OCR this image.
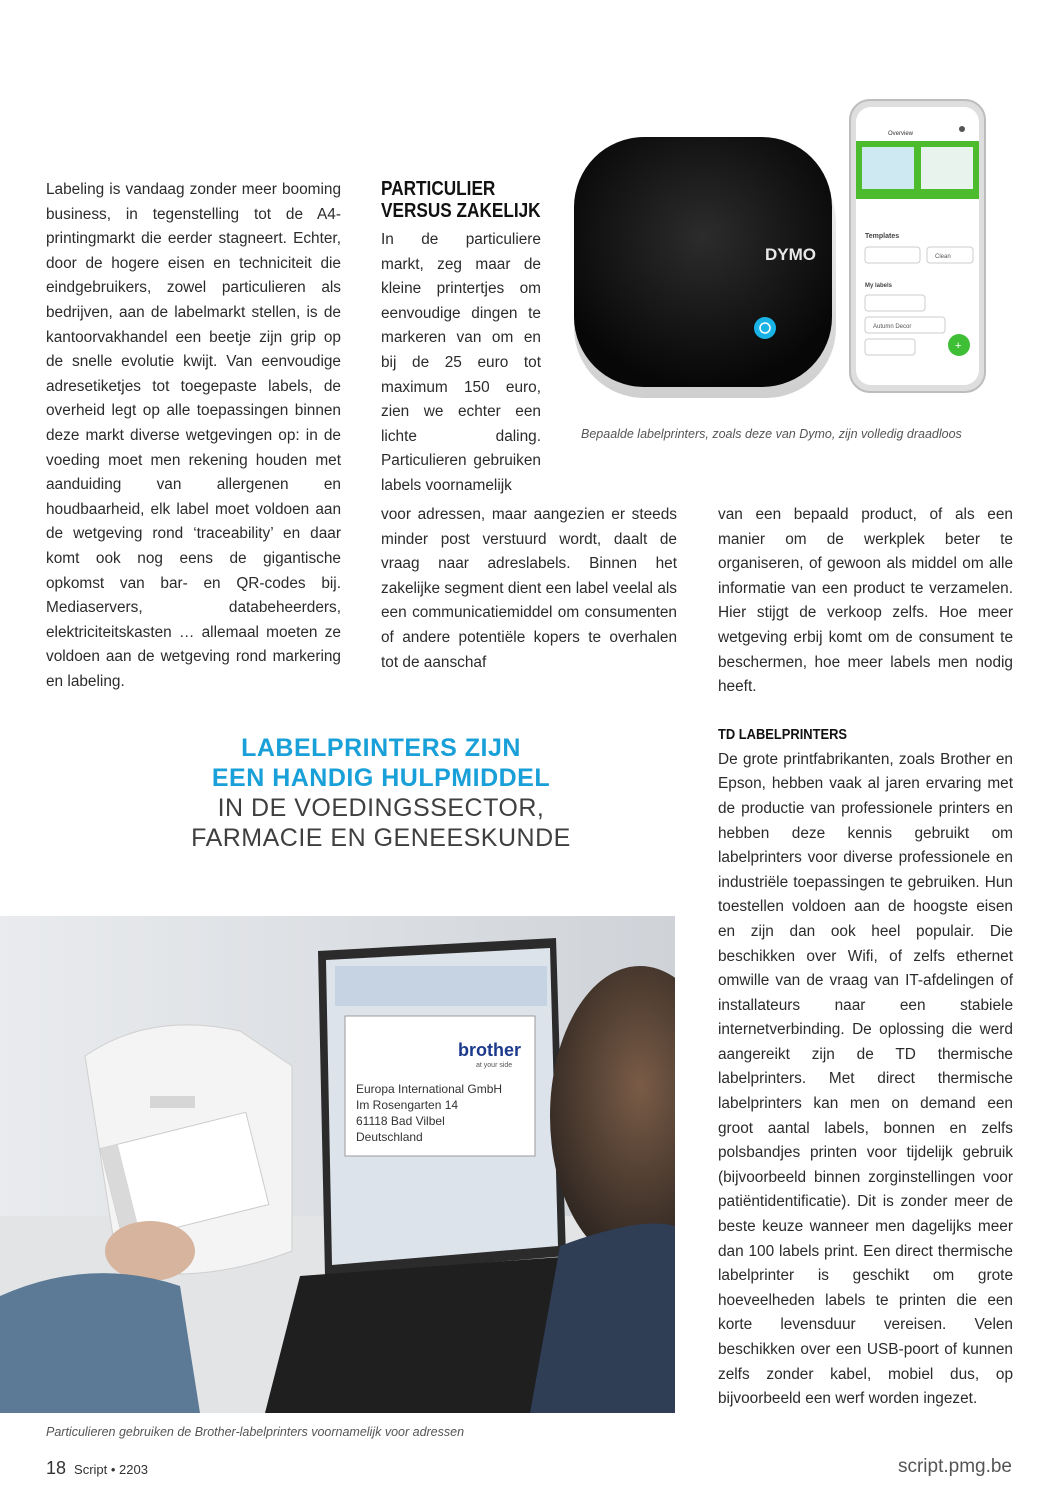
Labeling is vandaag zonder meer booming business, in tegenstelling tot de A4-printingmarkt die eerder stagneert. Echter, door de hogere eisen en techniciteit die eindgebruikers, zowel particulieren als bedrijven, aan de labelmarkt stellen, is de kantoorvakhandel een beetje zijn grip op de snelle evolutie kwijt. Van eenvoudige adresetiketjes tot toegepaste labels, de overheid legt op alle toepassingen binnen deze markt diverse wetgevingen op: in de voeding moet men rekening houden met aanduiding van allergenen en houdbaarheid, elk label moet voldoen aan de wetgeving rond ‘traceability’ en daar komt ook nog eens de gigantische opkomst van bar- en QR-codes bij. Mediaservers, databeheerders, elektriciteitskasten … allemaal moeten ze voldoen aan de wetgeving rond markering en labeling.

PARTICULIER
VERSUS ZAKELIJK

In de particuliere markt, zeg maar de kleine printertjes om eenvoudige dingen te markeren van om en bij de 25 euro tot maximum 150 euro, zien we echter een lichte daling. Particulieren gebruiken labels voornamelijk

voor adressen, maar aangezien er steeds minder post verstuurd wordt, daalt de vraag naar adreslabels. Binnen het zakelijke segment dient een label veelal als een communicatiemiddel om consumenten of andere potentiële kopers te overhalen tot de aanschaf

van een bepaald product, of als een manier om de werkplek beter te organiseren, of gewoon als middel om alle informatie van een product te verzamelen. Hier stijgt de verkoop zelfs. Hoe meer wetgeving erbij komt om de consument te beschermen, hoe meer labels men nodig heeft.

TD LABELPRINTERS

De grote printfabrikanten, zoals Brother en Epson, hebben vaak al jaren ervaring met de productie van professionele printers en hebben deze kennis gebruikt om labelprinters voor diverse professionele en industriële toepassingen te gebruiken. Hun toestellen voldoen aan de hoogste eisen en zijn dan ook heel populair. Die beschikken over Wifi, of zelfs ethernet omwille van de vraag van IT-afdelingen of installateurs naar een stabiele internetverbinding. De oplossing die werd aangereikt zijn de TD thermische labelprinters. Met direct thermische labelprinters kan men on demand een groot aantal labels, bonnen en zelfs polsbandjes printen voor tijdelijk gebruik (bijvoorbeeld binnen zorginstellingen voor patiëntidentificatie). Dit is zonder meer de beste keuze wanneer men dagelijks meer dan 100 labels print. Een direct thermische labelprinter is geschikt om grote hoeveelheden labels te printen die een korte levensduur vereisen. Velen beschikken over een USB-poort of kunnen zelfs zonder kabel, mobiel dus, op bijvoorbeeld een werf worden ingezet.

LABELPRINTERS ZIJN
EEN HANDIG HULPMIDDEL
IN DE VOEDINGSSECTOR,
FARMACIE EN GENEESKUNDE
DYMO
Overview
Templates
Clean
My labels
Autumn Decor
+
Bepaalde labelprinters, zoals deze van Dymo, zijn volledig draadloos
brother
at your side
Europa International GmbH
Im Rosengarten 14
61118 Bad Vilbel
Deutschland
Particulieren gebruiken de Brother-labelprinters voornamelijk voor adressen
18 Script • 2203	script.pmg.be
